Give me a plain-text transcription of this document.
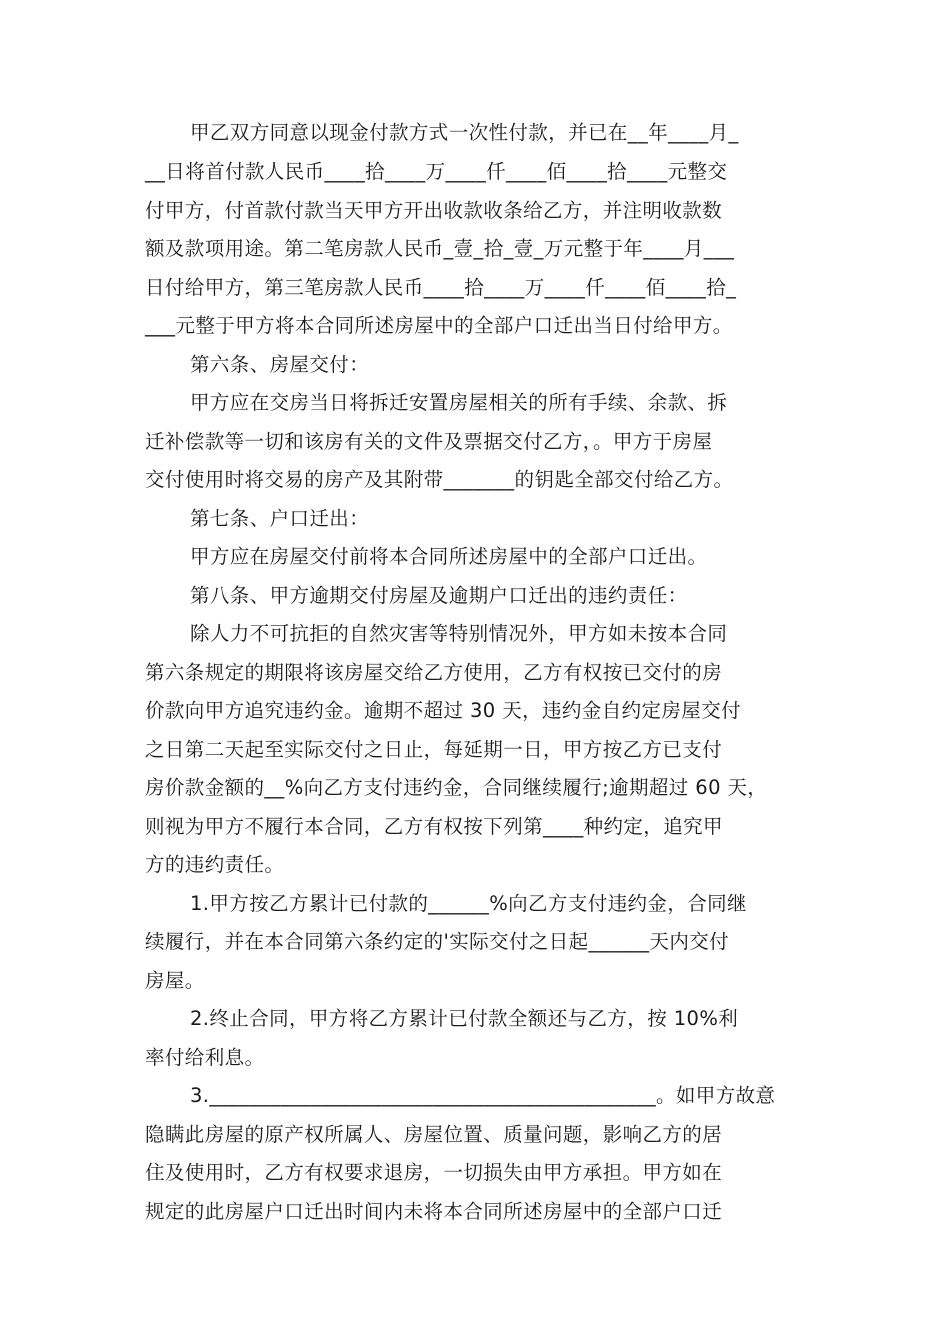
甲乙双方同意以现金付款方式一次性付款，并已在__年____月_
__日将首付款人民币____拾____万____仟____佰____拾____元整交
付甲方，付首款付款当天甲方开出收款收条给乙方，并注明收款数
额及款项用途。第二笔房款人民币_壹_拾_壹_万元整于年____月___
日付给甲方，第三笔房款人民币____拾____万____仟____佰____拾_
___元整于甲方将本合同所述房屋中的全部户口迁出当日付给甲方。
第六条、房屋交付：
甲方应在交房当日将拆迁安置房屋相关的所有手续、余款、拆
迁补偿款等一切和该房有关的文件及票据交付乙方，。甲方于房屋
交付使用时将交易的房产及其附带_______的钥匙全部交付给乙方。
第七条、户口迁出：
甲方应在房屋交付前将本合同所述房屋中的全部户口迁出。
第八条、甲方逾期交付房屋及逾期户口迁出的违约责任：
除人力不可抗拒的自然灾害等特别情况外，甲方如未按本合同
第六条规定的期限将该房屋交给乙方使用，乙方有权按已交付的房
价款向甲方追究违约金。逾期不超过 30 天，违约金自约定房屋交付
之日第二天起至实际交付之日止，每延期一日，甲方按乙方已支付
房价款金额的__%向乙方支付违约金，合同继续履行;逾期超过 60 天，
则视为甲方不履行本合同，乙方有权按下列第____种约定，追究甲
方的违约责任。
1.甲方按乙方累计已付款的______%向乙方支付违约金，合同继
续履行，并在本合同第六条约定的'实际交付之日起______天内交付
房屋。
2.终止合同，甲方将乙方累计已付款全额还与乙方，按 10%利
率付给利息。
3.____________________________________________。如甲方故意
隐瞒此房屋的原产权所属人、房屋位置、质量问题，影响乙方的居
住及使用时，乙方有权要求退房，一切损失由甲方承担。甲方如在
规定的此房屋户口迁出时间内未将本合同所述房屋中的全部户口迁
